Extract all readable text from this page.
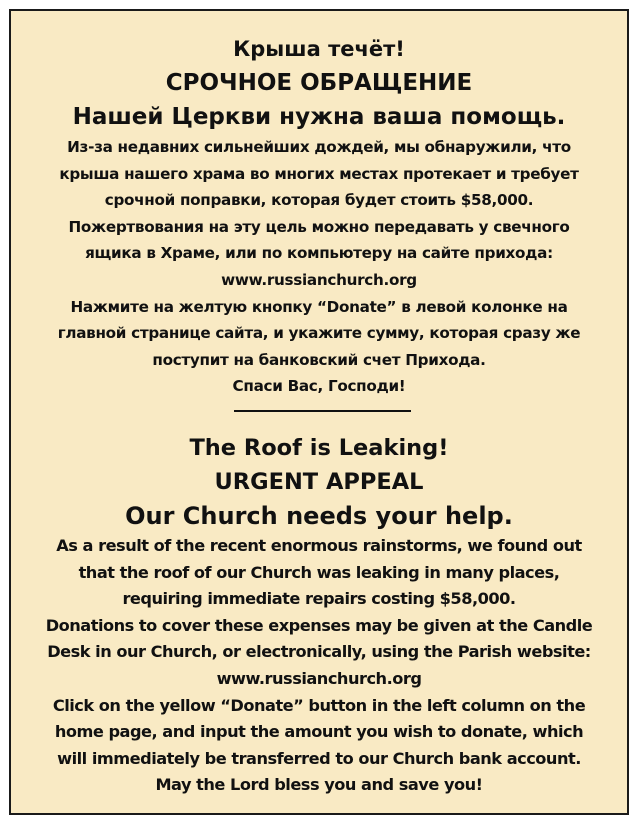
Крыша течёт!
СРОЧНОЕ ОБРАЩЕНИЕ
Нашей Церкви нужна ваша помощь.
Из-за недавних сильнейших дождей, мы обнаружили, что
крыша нашего храма во многих местах протекает и требует
срочной поправки, которая будет стоить $58,000.
Пожертвования на эту цель можно передавать у свечного
ящика в Храме, или по компьютеру на сайте прихода:
www.russianchurch.org
Нажмите на желтую кнопку “Donate” в левой колонке на
главной странице сайта, и укажите сумму, которая сразу же
поступит на банковский счет Прихода.
Спаси Вас, Господи!
The Roof is Leaking!
URGENT APPEAL
Our Church needs your help.
As a result of the recent enormous rainstorms, we found out
that the roof of our Church was leaking in many places,
requiring immediate repairs costing $58,000.
Donations to cover these expenses may be given at the Candle
Desk in our Church, or electronically, using the Parish website:
www.russianchurch.org
Click on the yellow “Donate” button in the left column on the
home page, and input the amount you wish to donate, which
will immediately be transferred to our Church bank account.
May the Lord bless you and save you!
